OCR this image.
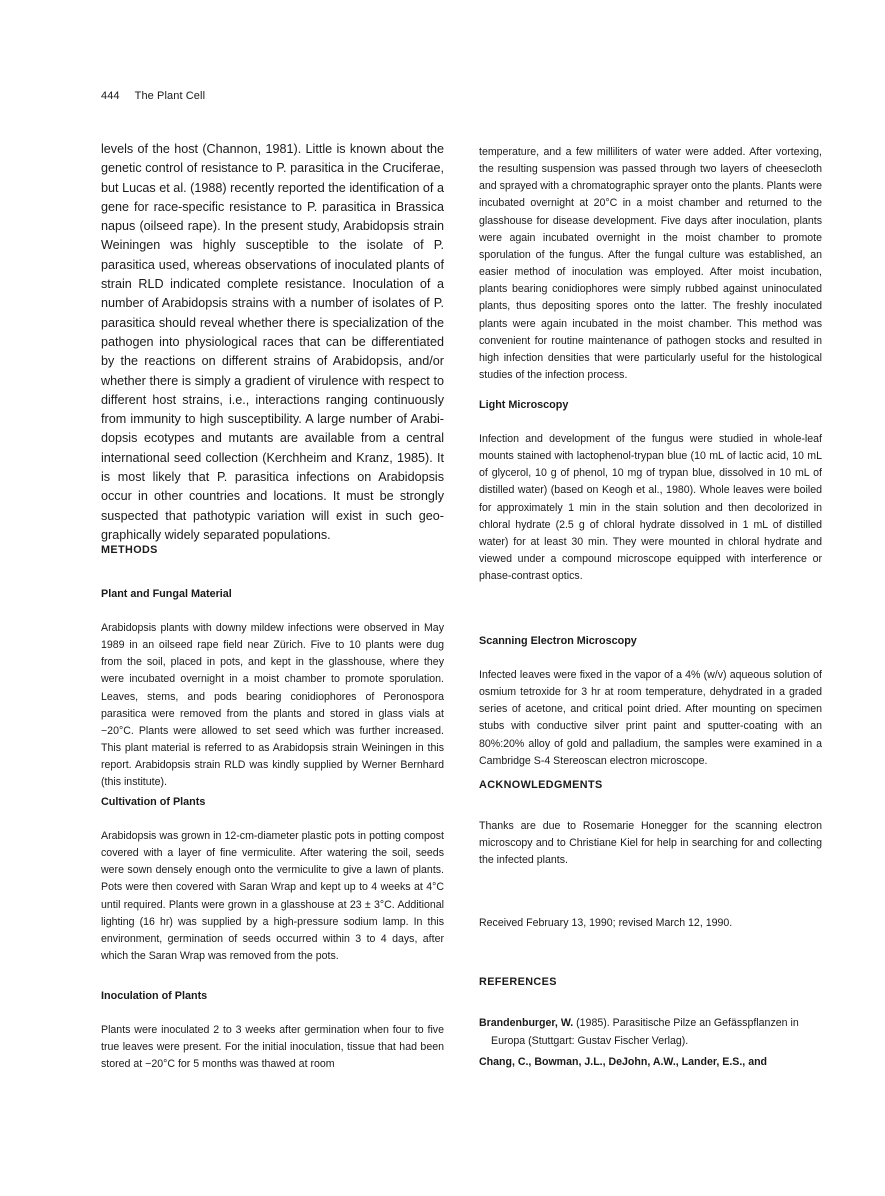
444 The Plant Cell

levels of the host (Channon, 1981). Little is known about the genetic control of resistance to P. parasitica in the Cruciferae, but Lucas et al. (1988) recently reported the identification of a gene for race-specific resistance to P. parasitica in Brassica napus (oilseed rape). In the present study, Arabidopsis strain Weiningen was highly susceptible to the isolate of P. parasitica used, whereas observations of inoculated plants of strain RLD indicated complete resistance. Inoculation of a number of Arabidopsis strains with a number of isolates of P. parasitica should reveal whether there is specialization of the pathogen into physiological races that can be differentiated by the reactions on different strains of Arabidopsis, and/or whether there is simply a gradient of virulence with respect to different host strains, i.e., interactions ranging continuously from immunity to high susceptibility. A large number of Arabidopsis ecotypes and mutants are available from a central international seed collection (Kerchheim and Kranz, 1985). It is most likely that P. parasitica infections on Arabidopsis occur in other countries and locations. It must be strongly suspected that pathotypic variation will exist in such geographically widely separated populations.

METHODS
Plant and Fungal Material

Arabidopsis plants with downy mildew infections were observed in May 1989 in an oilseed rape field near Zürich. Five to 10 plants were dug from the soil, placed in pots, and kept in the glasshouse, where they were incubated overnight in a moist chamber to promote sporulation. Leaves, stems, and pods bearing conidiophores of Peronospora parasitica were removed from the plants and stored in glass vials at −20°C. Plants were allowed to set seed which was further increased. This plant material is referred to as Arabidopsis strain Weiningen in this report. Arabidopsis strain RLD was kindly supplied by Werner Bernhard (this institute).

Cultivation of Plants

Arabidopsis was grown in 12-cm-diameter plastic pots in potting compost covered with a layer of fine vermiculite. After watering the soil, seeds were sown densely enough onto the vermiculite to give a lawn of plants. Pots were then covered with Saran Wrap and kept up to 4 weeks at 4°C until required. Plants were grown in a glasshouse at 23 ± 3°C. Additional lighting (16 hr) was supplied by a high-pressure sodium lamp. In this environment, germination of seeds occurred within 3 to 4 days, after which the Saran Wrap was removed from the pots.

Inoculation of Plants

Plants were inoculated 2 to 3 weeks after germination when four to five true leaves were present. For the initial inoculation, tissue that had been stored at −20°C for 5 months was thawed at room

temperature, and a few milliliters of water were added. After vortexing, the resulting suspension was passed through two layers of cheesecloth and sprayed with a chromatographic sprayer onto the plants. Plants were incubated overnight at 20°C in a moist chamber and returned to the glasshouse for disease development. Five days after inoculation, plants were again incubated overnight in the moist chamber to promote sporulation of the fungus. After the fungal culture was established, an easier method of inoculation was employed. After moist incubation, plants bearing conidiophores were simply rubbed against uninoculated plants, thus depositing spores onto the latter. The freshly inoculated plants were again incubated in the moist chamber. This method was convenient for routine maintenance of pathogen stocks and resulted in high infection densities that were particularly useful for the histological studies of the infection process.

Light Microscopy

Infection and development of the fungus were studied in whole-leaf mounts stained with lactophenol-trypan blue (10 mL of lactic acid, 10 mL of glycerol, 10 g of phenol, 10 mg of trypan blue, dissolved in 10 mL of distilled water) (based on Keogh et al., 1980). Whole leaves were boiled for approximately 1 min in the stain solution and then decolorized in chloral hydrate (2.5 g of chloral hydrate dissolved in 1 mL of distilled water) for at least 30 min. They were mounted in chloral hydrate and viewed under a compound microscope equipped with interference or phase-contrast optics.

Scanning Electron Microscopy

Infected leaves were fixed in the vapor of a 4% (w/v) aqueous solution of osmium tetroxide for 3 hr at room temperature, dehydrated in a graded series of acetone, and critical point dried. After mounting on specimen stubs with conductive silver print paint and sputter-coating with an 80%:20% alloy of gold and palladium, the samples were examined in a Cambridge S-4 Stereoscan electron microscope.

ACKNOWLEDGMENTS

Thanks are due to Rosemarie Honegger for the scanning electron microscopy and to Christiane Kiel for help in searching for and collecting the infected plants.

Received February 13, 1990; revised March 12, 1990.

REFERENCES

Brandenburger, W. (1985). Parasitische Pilze an Gefässpflanzen in Europa (Stuttgart: Gustav Fischer Verlag).

Chang, C., Bowman, J.L., DeJohn, A.W., Lander, E.S., and
